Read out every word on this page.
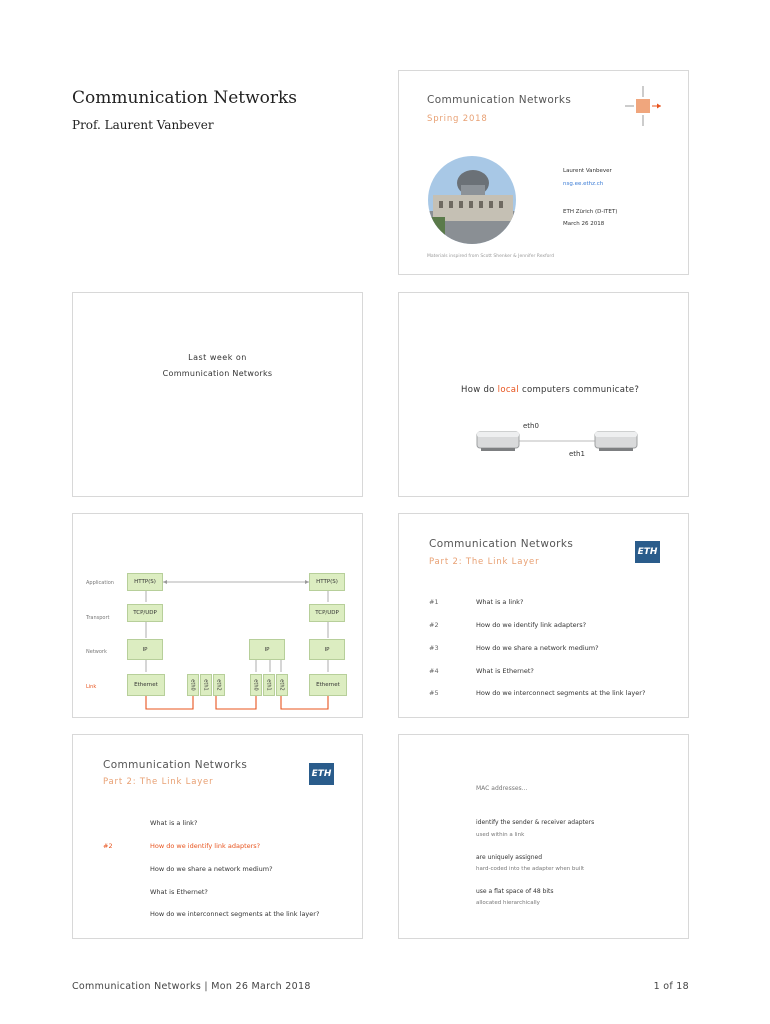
Communication Networks
Prof. Laurent Vanbever
Communication Networks
Spring 2018
Laurent Vanbever
nsg.ee.ethz.ch
ETH Zürich (D-ITET)
March 26 2018
Materials inspired from Scott Shenker & Jennifer Rexford
Last week on
Communication Networks
How do local computers communicate?
eth0
eth1
Application
Transport
Network
Link
HTTP(S)
TCP/UDP
IP
Ethernet	eth0 eth1 eth2
IP
eth0 eth1 eth2
HTTP(S)
TCP/UDP
IP
Ethernet
Communication Networks
Part 2: The Link Layer
ETH
#1	What is a link?
#2	How do we identify link adapters?
#3	How do we share a network medium?
#4	What is Ethernet?
#5	How do we interconnect segments at the link layer?
Communication Networks
Part 2: The Link Layer
ETH
What is a link?
#2	How do we identify link adapters?
How do we share a network medium?
What is Ethernet?
How do we interconnect segments at the link layer?
MAC addresses…
identify the sender & receiver adapters
used within a link
are uniquely assigned
hard-coded into the adapter when built
use a flat space of 48 bits
allocated hierarchically
Communication Networks | Mon 26 March 2018	1 of 18
